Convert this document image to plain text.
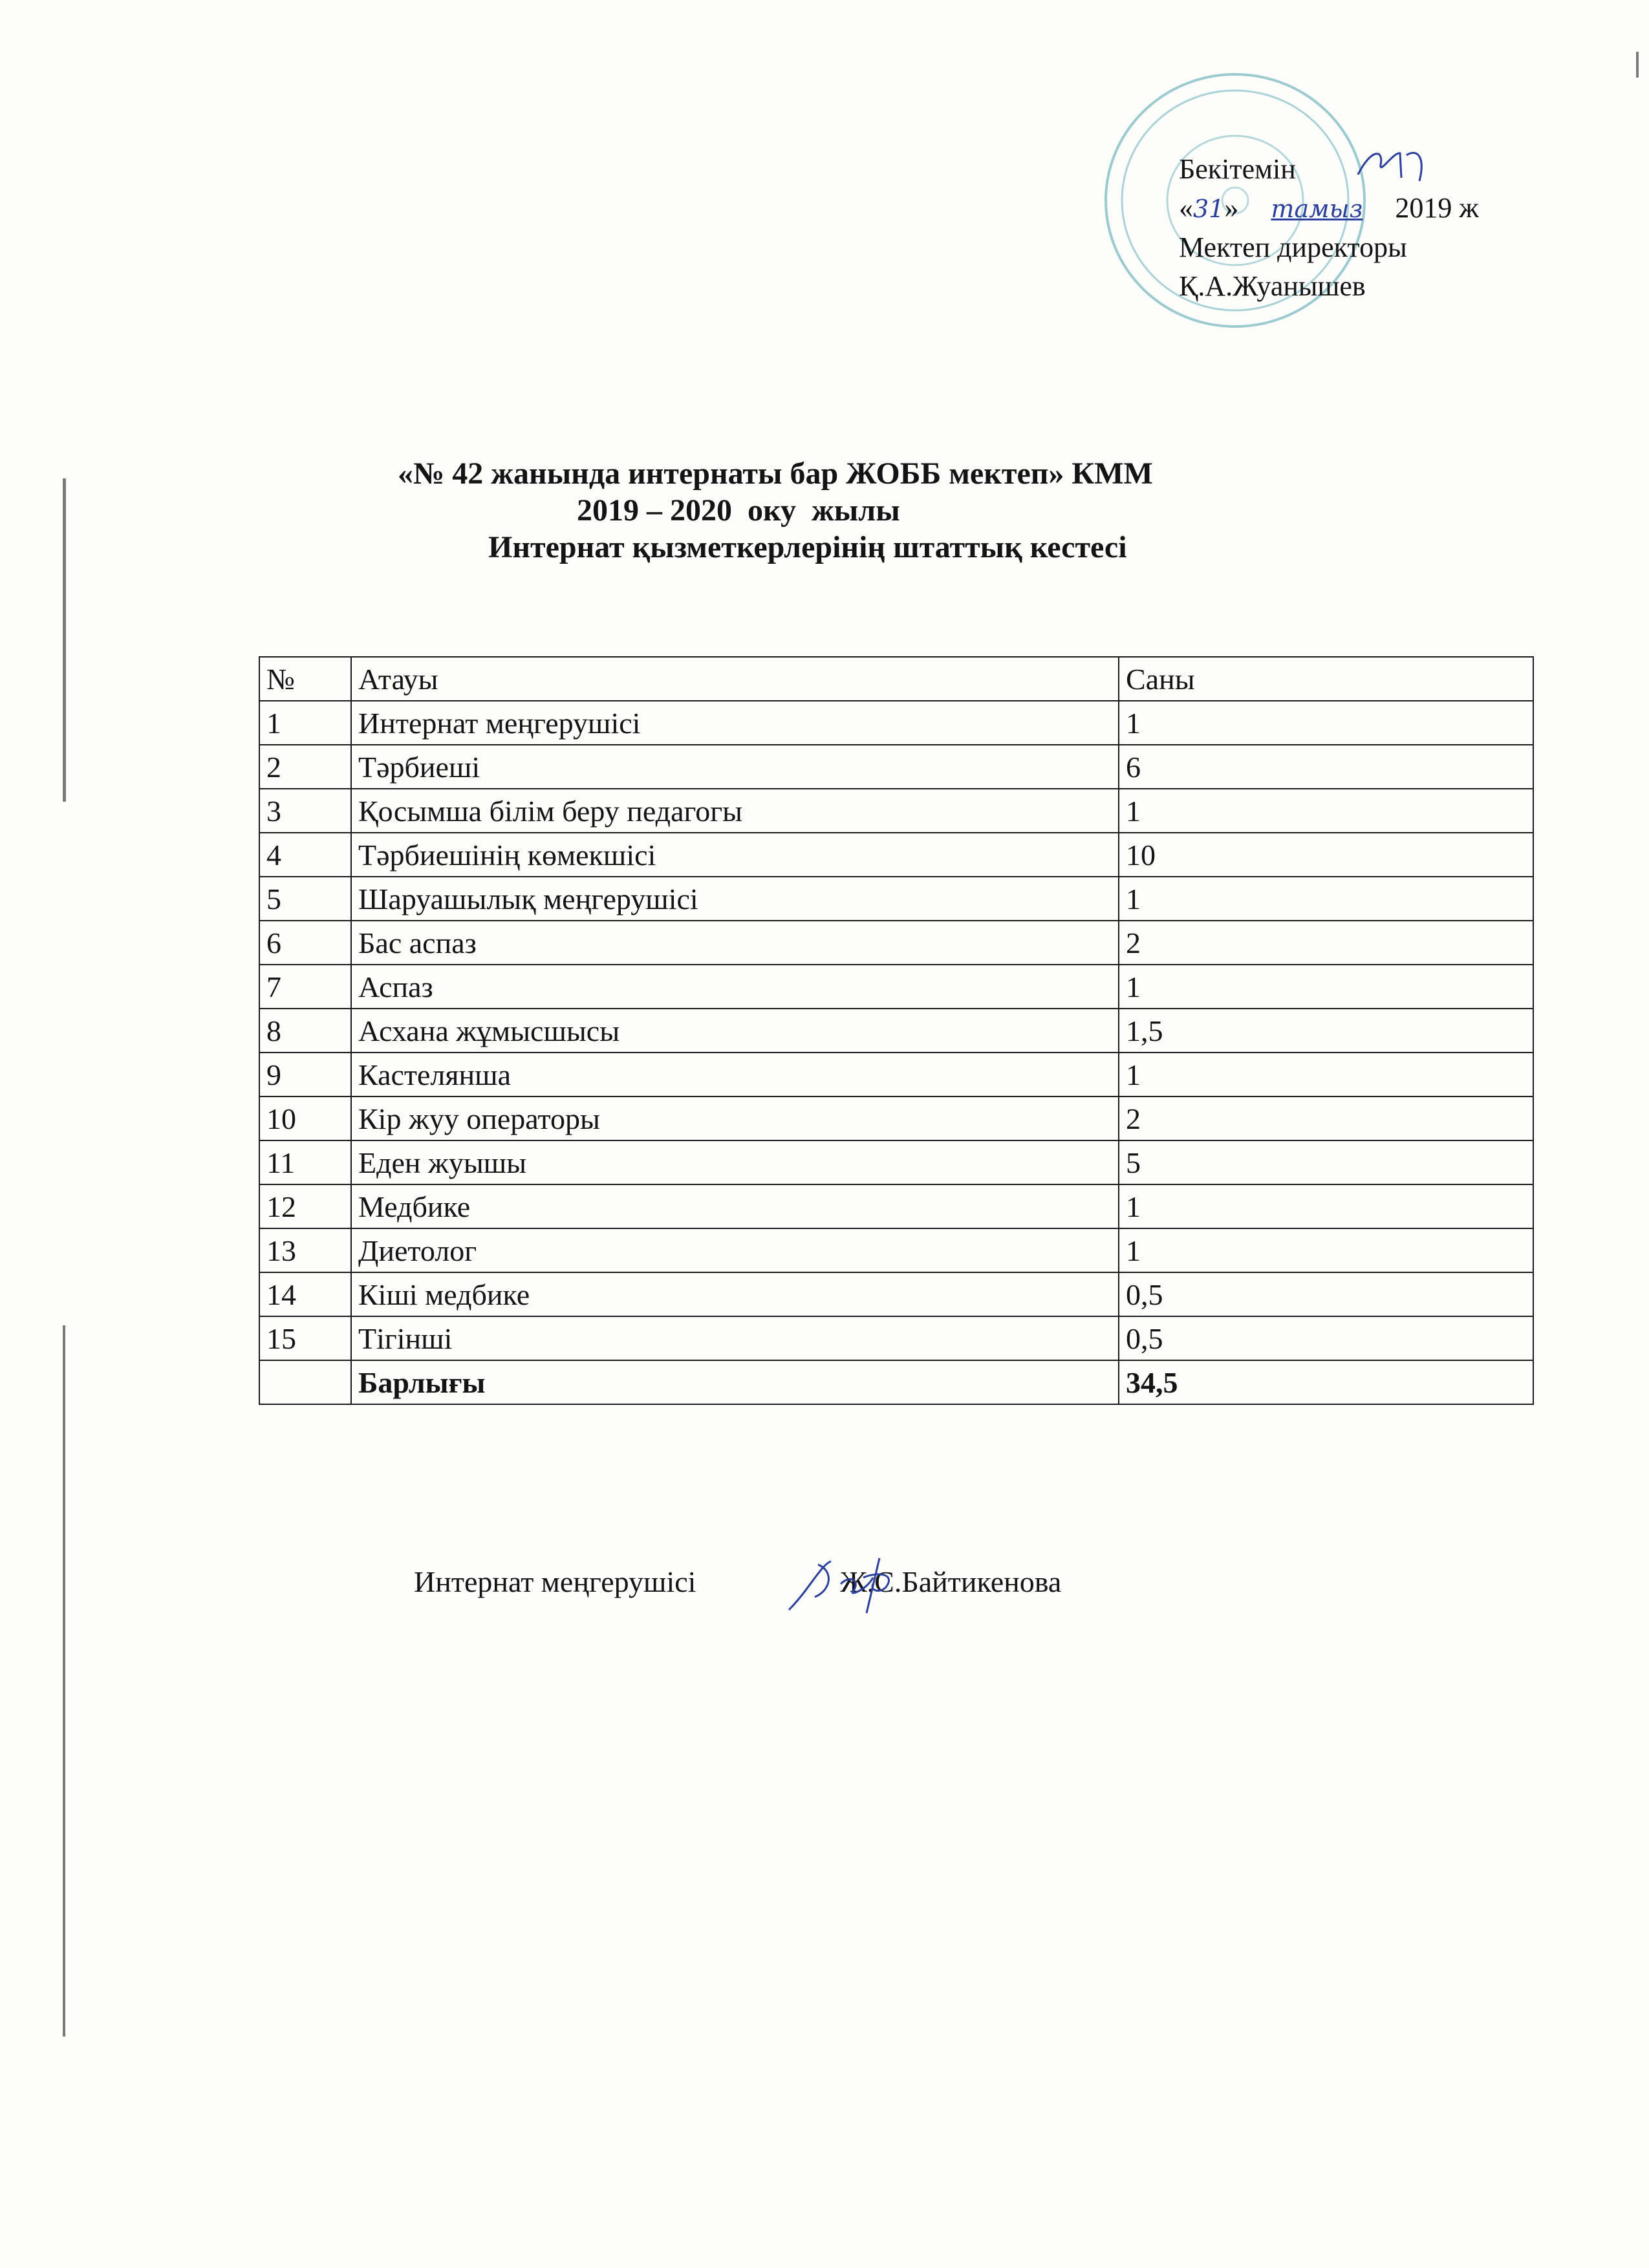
Бекітемін
«31» тамыз 2019 ж
Мектеп директоры
Қ.А.Жуанышев
«№ 42 жанында интернаты бар ЖОББ мектеп» КММ
2019 – 2020  оку  жылы
Интернат қызметкерлерінің штаттық кестесі
№	Атауы	Саны
1	Интернат меңгерушісі	1
2	Тәрбиеші	6
3	Қосымша білім беру педагогы	1
4	Тәрбиешінің көмекшісі	10
5	Шаруашылық меңгерушісі	1
6	Бас аспаз	2
7	Аспаз	1
8	Асхана жұмысшысы	1,5
9	Кастелянша	1
10	Кір жуу операторы	2
11	Еден жуышы	5
12	Медбике	1
13	Диетолог	1
14	Кіші медбике	0,5
15	Тігінші	0,5
	Барлығы	34,5
Интернат меңгерушісі	Ж.С.Байтикенова
